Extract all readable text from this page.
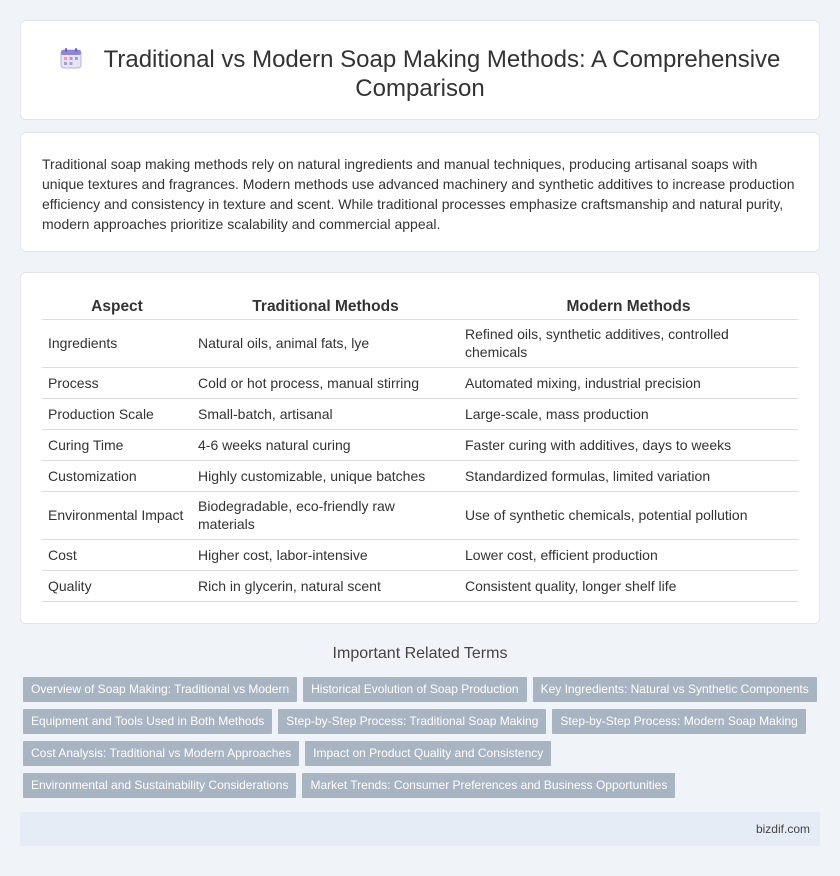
Traditional vs Modern Soap Making Methods: A Comprehensive Comparison

Traditional soap making methods rely on natural ingredients and manual techniques, producing artisanal soaps with unique textures and fragrances. Modern methods use advanced machinery and synthetic additives to increase production efficiency and consistency in texture and scent. While traditional processes emphasize craftsmanship and natural purity, modern approaches prioritize scalability and commercial appeal.

Aspect	Traditional Methods	Modern Methods
Ingredients	Natural oils, animal fats, lye	Refined oils, synthetic additives, controlled chemicals
Process	Cold or hot process, manual stirring	Automated mixing, industrial precision
Production Scale	Small-batch, artisanal	Large-scale, mass production
Curing Time	4-6 weeks natural curing	Faster curing with additives, days to weeks
Customization	Highly customizable, unique batches	Standardized formulas, limited variation
Environmental Impact	Biodegradable, eco-friendly raw materials	Use of synthetic chemicals, potential pollution
Cost	Higher cost, labor-intensive	Lower cost, efficient production
Quality	Rich in glycerin, natural scent	Consistent quality, longer shelf life
Important Related Terms
Overview of Soap Making: Traditional vs Modern Historical Evolution of Soap Production Key Ingredients: Natural vs Synthetic Components
Equipment and Tools Used in Both Methods Step-by-Step Process: Traditional Soap Making Step-by-Step Process: Modern Soap Making
Cost Analysis: Traditional vs Modern Approaches Impact on Product Quality and Consistency
Environmental and Sustainability Considerations Market Trends: Consumer Preferences and Business Opportunities
bizdif.com
